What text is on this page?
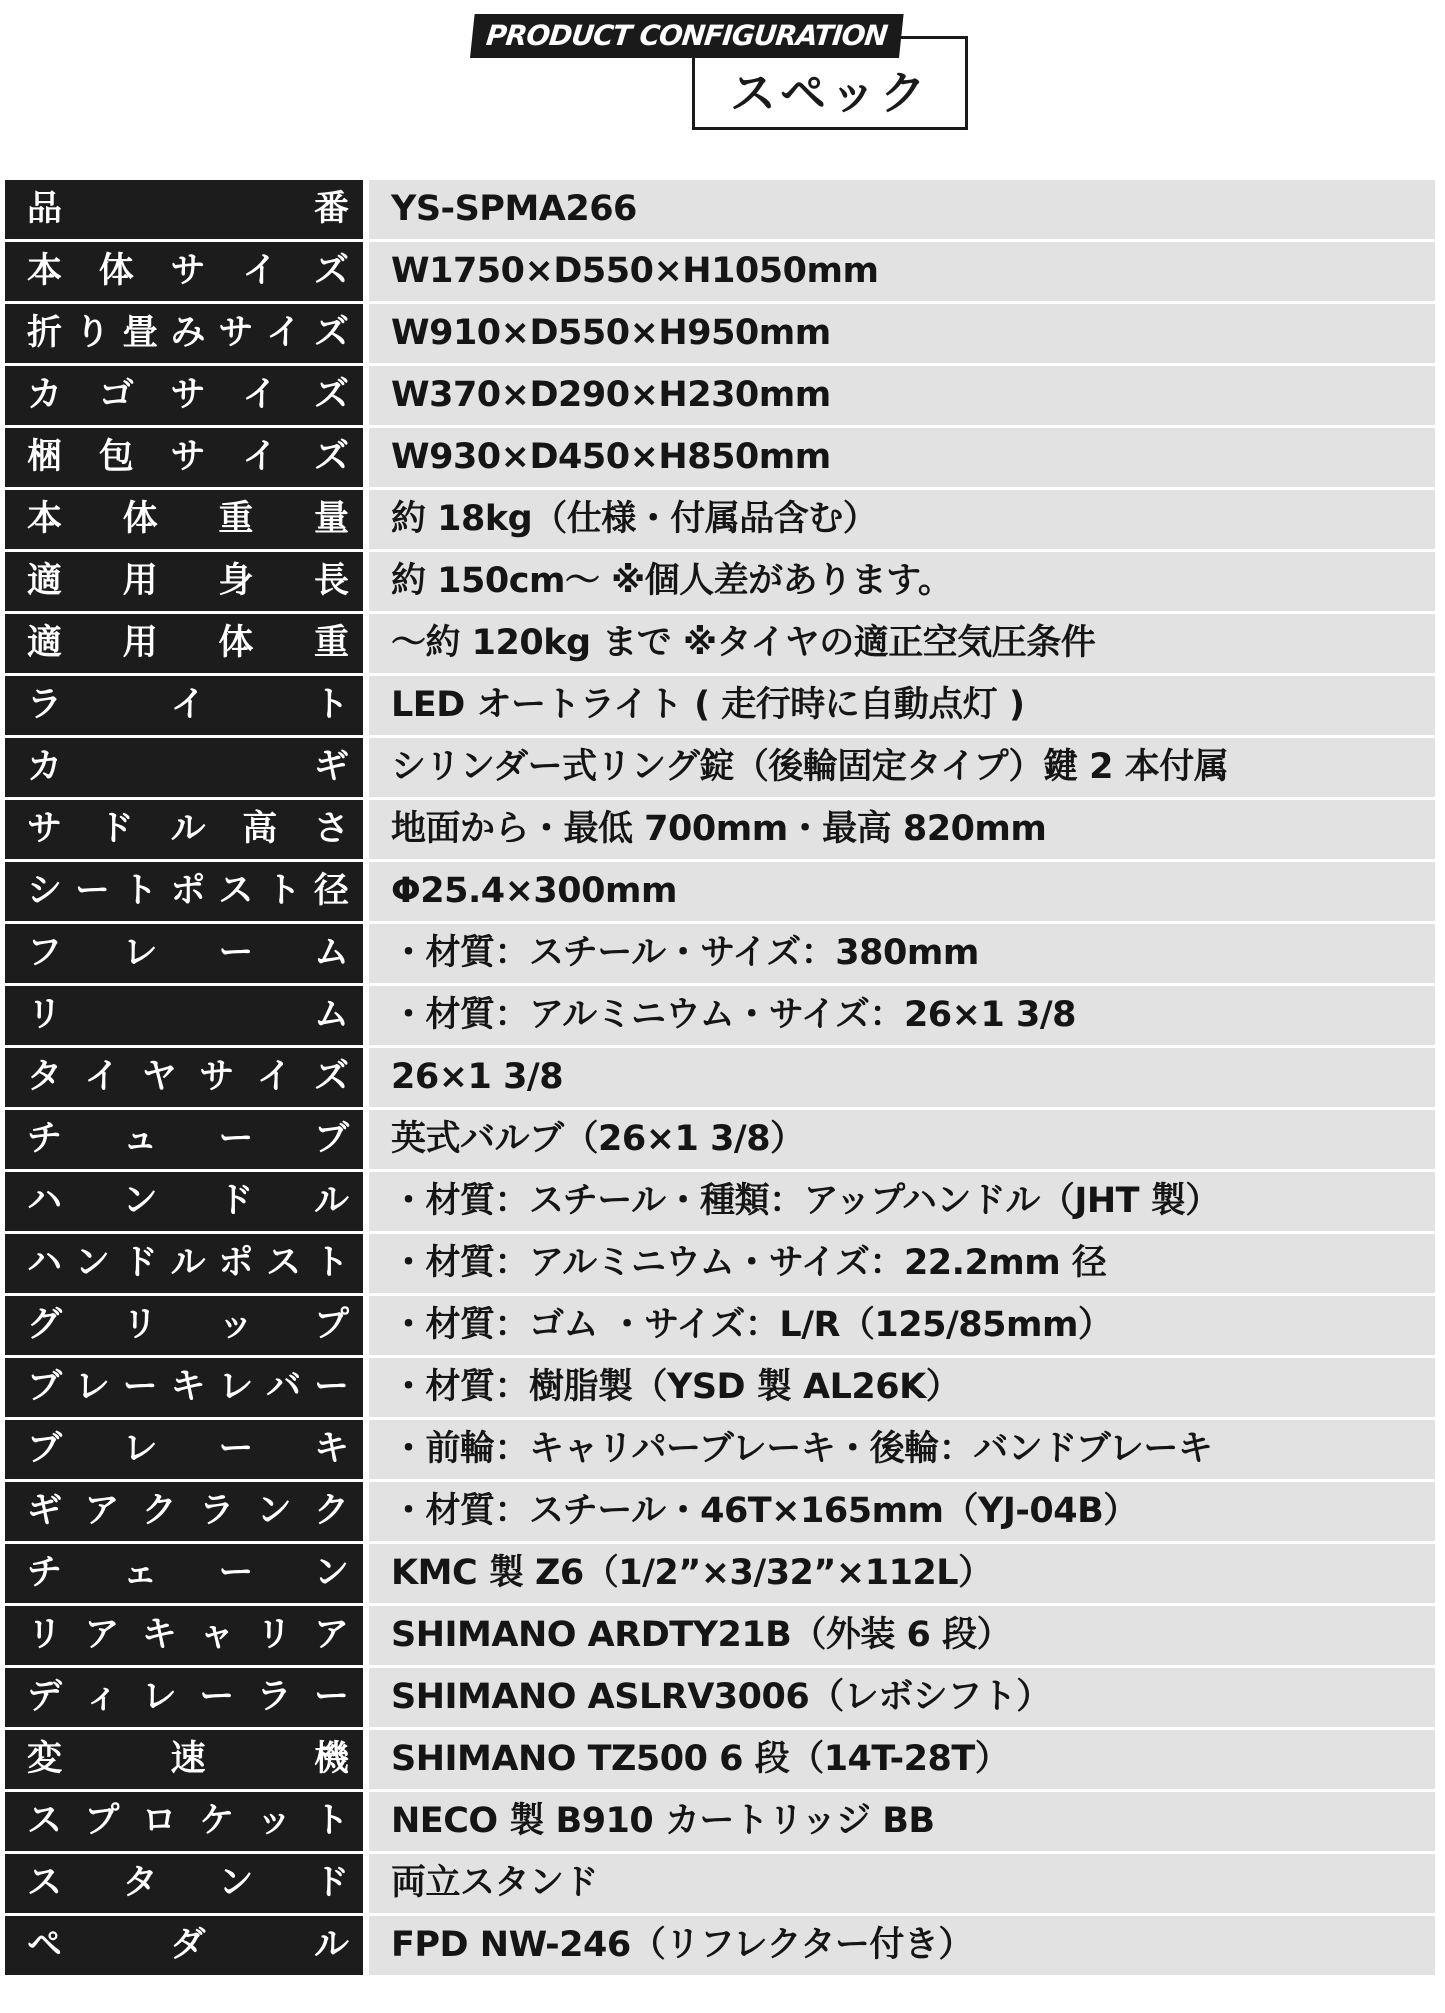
PRODUCT CONFIGURATION
スペック
品 番	YS-SPMA266
本 体 サ イ ズ	W1750×D550×H1050mm
折 り 畳 み サ イ ズ	W910×D550×H950mm
カ ゴ サ イ ズ	W370×D290×H230mm
梱 包 サ イ ズ	W930×D450×H850mm
本 体 重 量	約 18kg（仕様・付属品含む）
適 用 身 長	約 150cm～ ※個人差があります。
適 用 体 重	～約 120kg まで ※タイヤの適正空気圧条件
ラ イ ト	LED オートライト ( 走行時に自動点灯 )
カ ギ	シリンダー式リング錠（後輪固定タイプ）鍵 2 本付属
サ ド ル 高 さ	地面から・最低 700mm・最高 820mm
シ ー ト ポ ス ト 径	Φ25.4×300mm
フ レ ー ム	・材質：スチール・サイズ：380mm
リ ム	・材質：アルミニウム・サイズ：26×1 3/8
タ イ ヤ サ イ ズ	26×1 3/8
チ ュ ー ブ	英式バルブ（26×1 3/8）
ハ ン ド ル	・材質：スチール・種類：アップハンドル（JHT 製）
ハ ン ド ル ポ ス ト	・材質：アルミニウム・サイズ：22.2mm 径
グ リ ッ プ	・材質：ゴム ・サイズ：L/R（125/85mm）
ブ レ ー キ レ バ ー	・材質：樹脂製（YSD 製 AL26K）
ブ レ ー キ	・前輪：キャリパーブレーキ・後輪：バンドブレーキ
ギ ア ク ラ ン ク	・材質：スチール・46T×165mm（YJ-04B）
チ ェ ー ン	KMC 製 Z6（1/2”×3/32”×112L）
リ ア キ ャ リ ア	SHIMANO ARDTY21B（外装 6 段）
デ ィ レ ー ラ ー	SHIMANO ASLRV3006（レボシフト）
変 速 機	SHIMANO TZ500 6 段（14T-28T）
ス プ ロ ケ ッ ト	NECO 製 B910 カートリッジ BB
ス タ ン ド	両立スタンド
ペ ダ ル	FPD NW-246（リフレクター付き）
